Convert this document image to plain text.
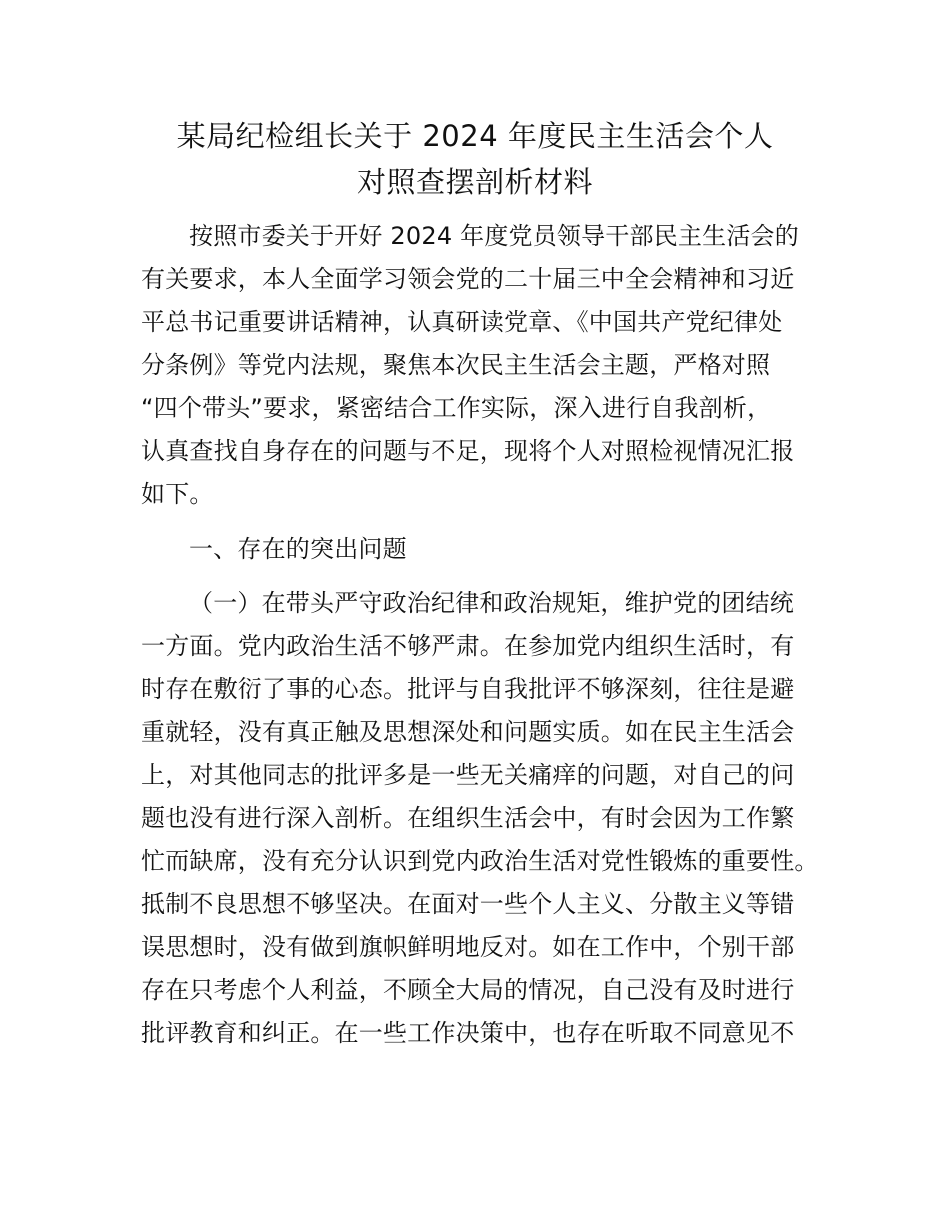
某局纪检组长关于 2024 年度民主生活会个人
对照查摆剖析材料
按照市委关于开好 2024 年度党员领导干部民主生活会的
有关要求，本人全面学习领会党的二十届三中全会精神和习近
平总书记重要讲话精神，认真研读党章、《中国共产党纪律处
分条例》等党内法规，聚焦本次民主生活会主题，严格对照
“四个带头”要求，紧密结合工作实际，深入进行自我剖析，
认真查找自身存在的问题与不足，现将个人对照检视情况汇报
如下。
一、存在的突出问题
（一）在带头严守政治纪律和政治规矩，维护党的团结统
一方面。党内政治生活不够严肃。在参加党内组织生活时，有
时存在敷衍了事的心态。批评与自我批评不够深刻，往往是避
重就轻，没有真正触及思想深处和问题实质。如在民主生活会
上，对其他同志的批评多是一些无关痛痒的问题，对自己的问
题也没有进行深入剖析。在组织生活会中，有时会因为工作繁
忙而缺席，没有充分认识到党内政治生活对党性锻炼的重要性。
抵制不良思想不够坚决。在面对一些个人主义、分散主义等错
误思想时，没有做到旗帜鲜明地反对。如在工作中，个别干部
存在只考虑个人利益，不顾全大局的情况，自己没有及时进行
批评教育和纠正。在一些工作决策中，也存在听取不同意见不
